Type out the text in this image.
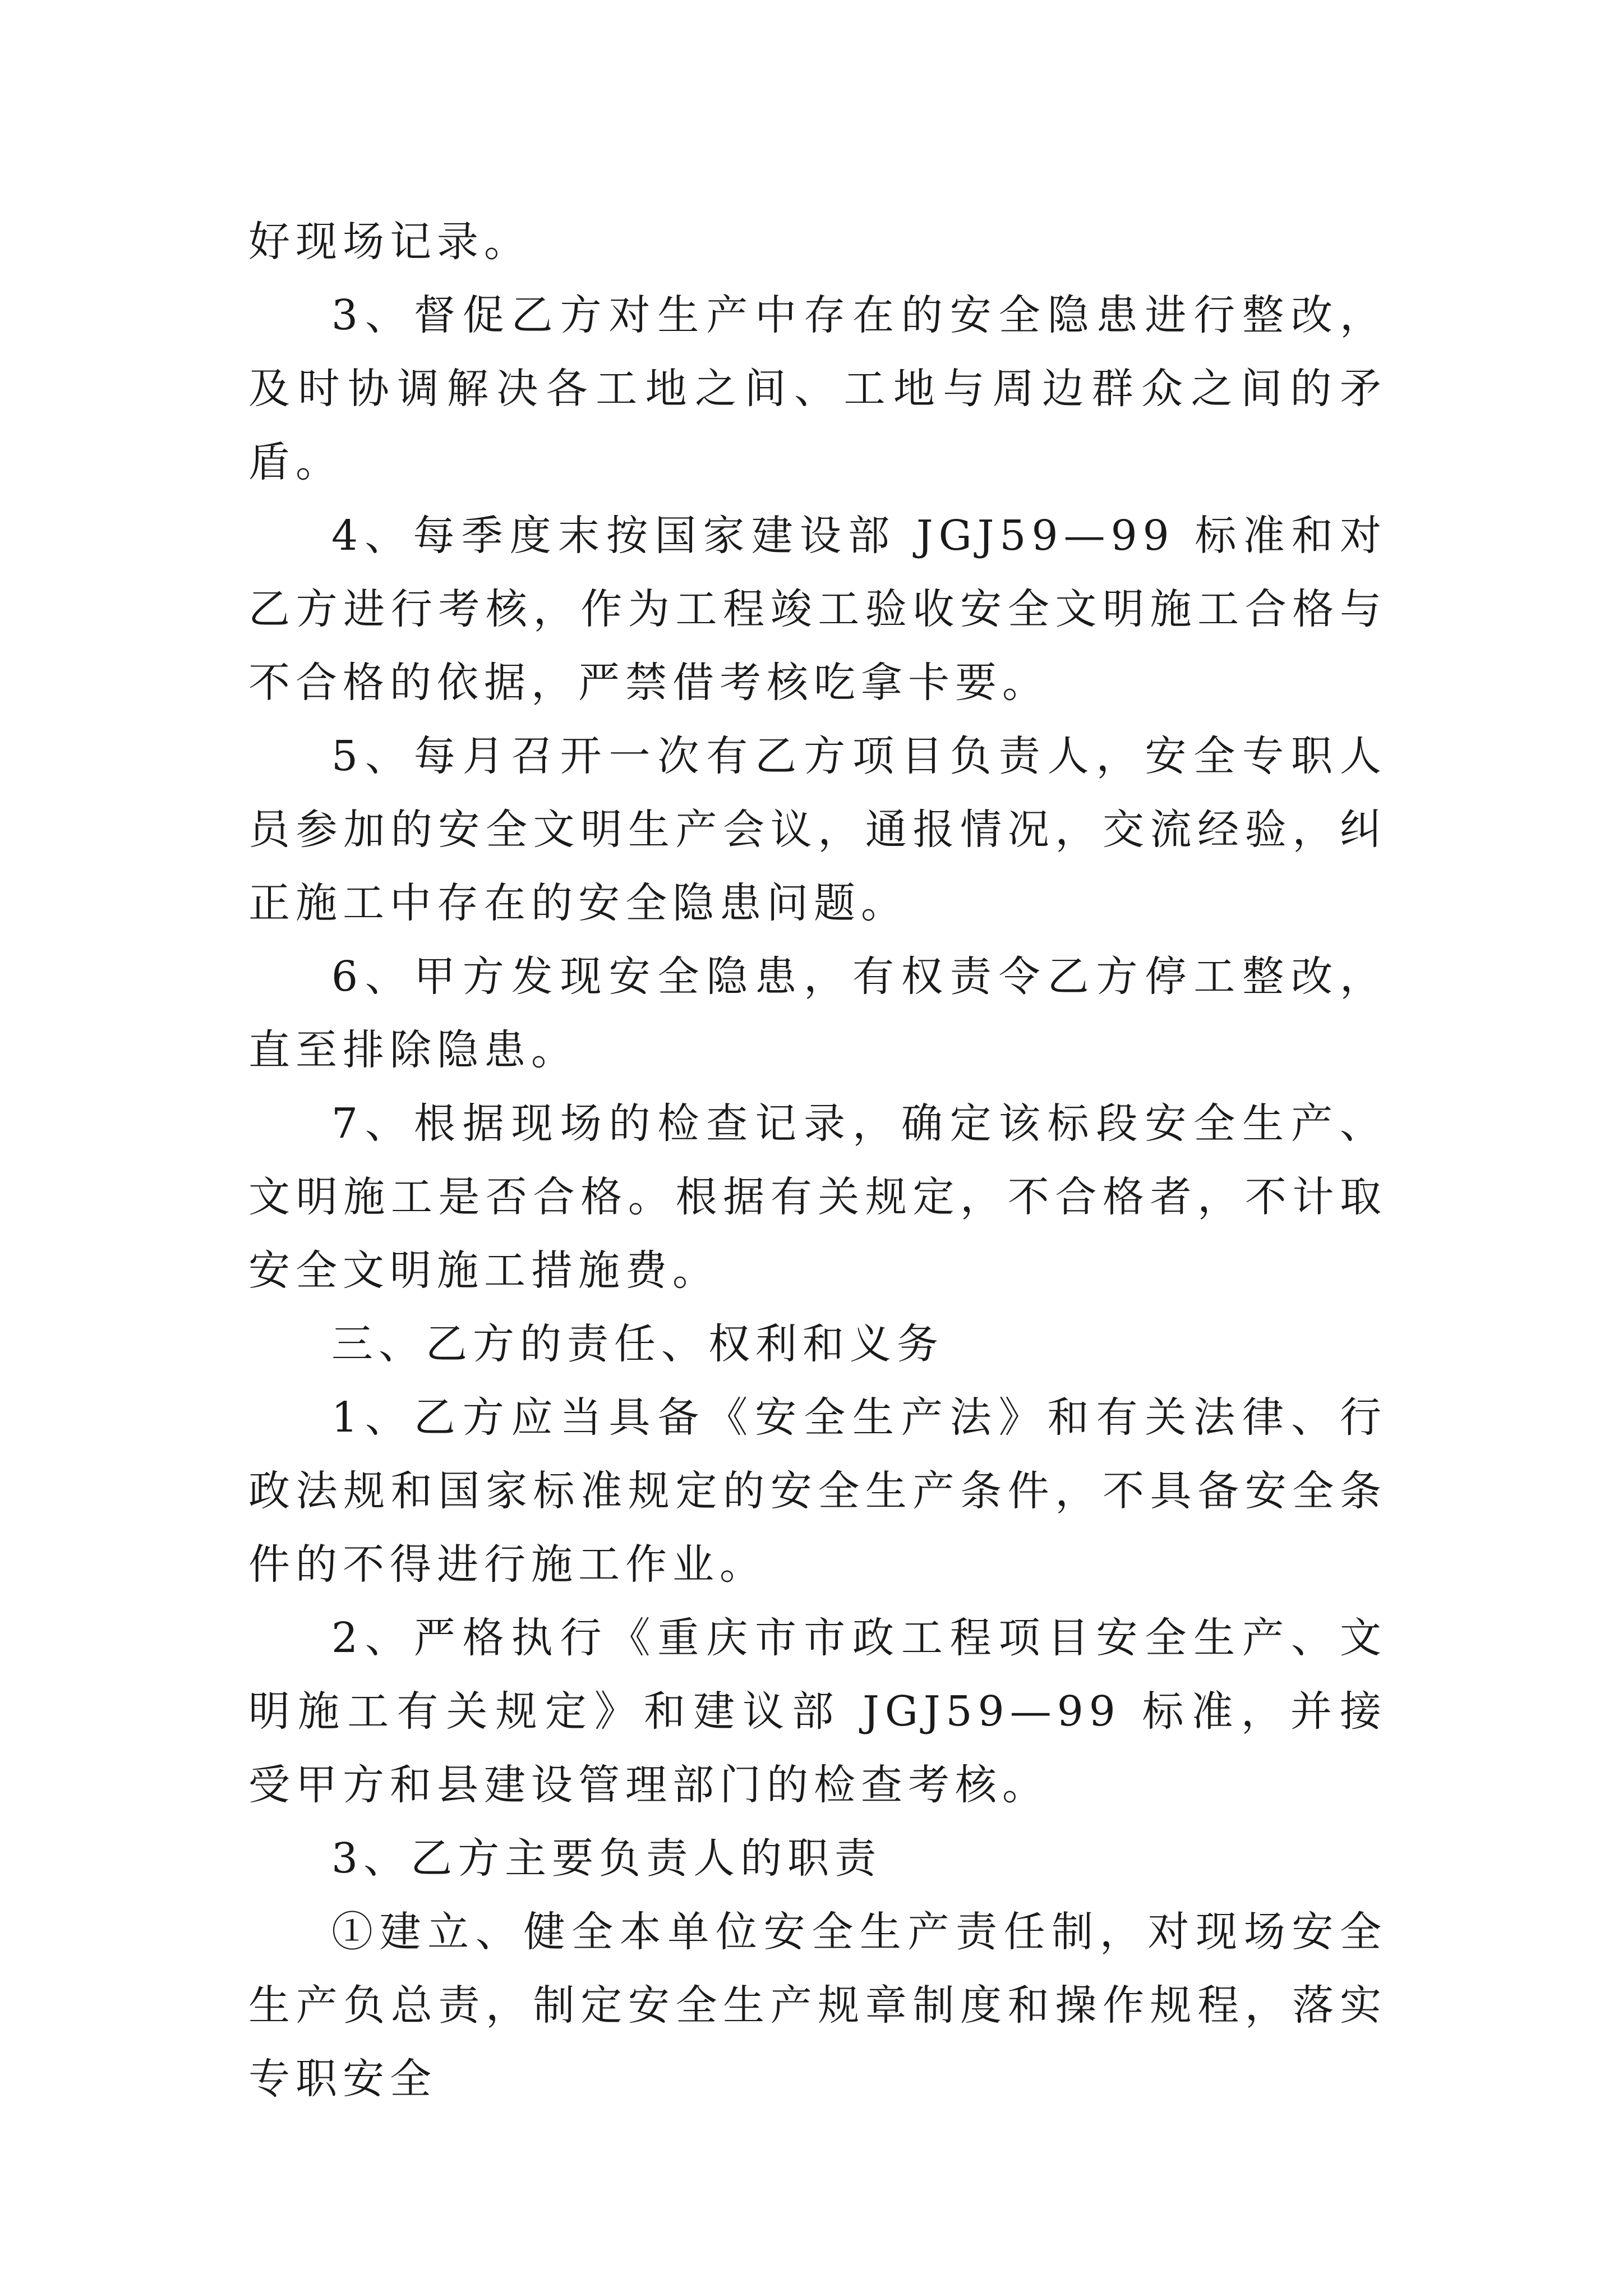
好现场记录。

3、督促乙方对生产中存在的安全隐患进行整改，及时协调解决各工地之间、工地与周边群众之间的矛盾。

4、每季度末按国家建设部 JGJ59—99 标准和对乙方进行考核，作为工程竣工验收安全文明施工合格与不合格的依据，严禁借考核吃拿卡要。

5、每月召开一次有乙方项目负责人，安全专职人员参加的安全文明生产会议，通报情况，交流经验，纠正施工中存在的安全隐患问题。

6、甲方发现安全隐患，有权责令乙方停工整改，直至排除隐患。

7、根据现场的检查记录，确定该标段安全生产、文明施工是否合格。根据有关规定，不合格者，不计取安全文明施工措施费。

三、乙方的责任、权利和义务

1、乙方应当具备《安全生产法》和有关法律、行政法规和国家标准规定的安全生产条件，不具备安全条件的不得进行施工作业。

2、严格执行《重庆市市政工程项目安全生产、文明施工有关规定》和建议部 JGJ59—99 标准，并接受甲方和县建设管理部门的检查考核。

3、乙方主要负责人的职责

①建立、健全本单位安全生产责任制，对现场安全生产负总责，制定安全生产规章制度和操作规程，落实专职安全
